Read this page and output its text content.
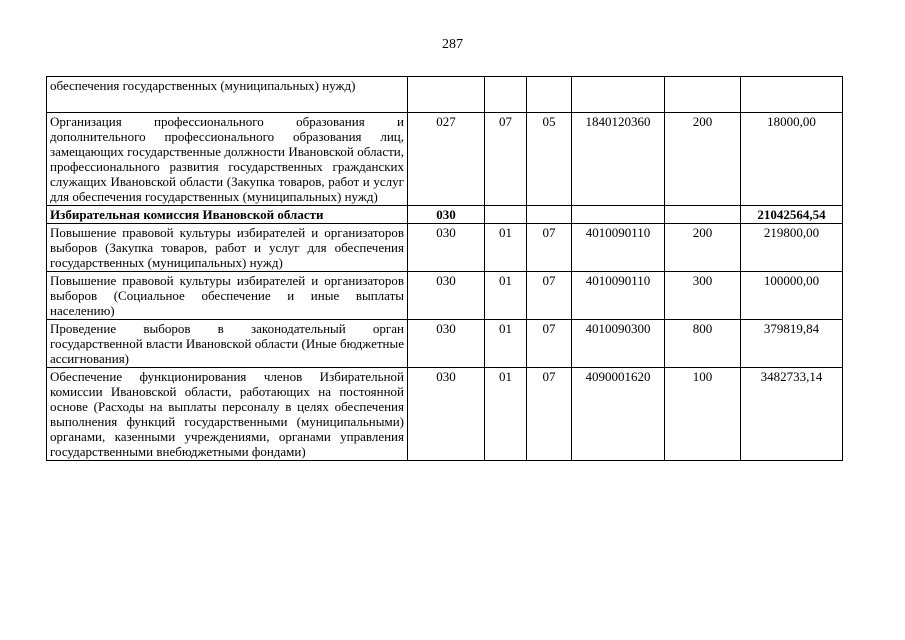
287
обеспечения государственных (муниципальных) нужд)						
Организация профессионального образования и дополнительного профессионального образования лиц, замещающих государственные должности Ивановской области, профессионального развития государственных гражданских служащих Ивановской области (Закупка товаров, работ и услуг для обеспечения государственных (муниципальных) нужд)	027	07	05	1840120360	200	18000,00
Избирательная комиссия Ивановской области	030					21042564,54
Повышение правовой культуры избирателей и организаторов выборов (Закупка товаров, работ и услуг для обеспечения государственных (муниципальных) нужд)	030	01	07	4010090110	200	219800,00
Повышение правовой культуры избирателей и организаторов выборов (Социальное обеспечение и иные выплаты населению)	030	01	07	4010090110	300	100000,00
Проведение выборов в законодательный орган государственной власти Ивановской области (Иные бюджетные ассигнования)	030	01	07	4010090300	800	379819,84
Обеспечение функционирования членов Избирательной комиссии Ивановской области, работающих на постоянной основе (Расходы на выплаты персоналу в целях обеспечения выполнения функций государственными (муниципальными) органами, казенными учреждениями, органами управления государственными внебюджетными фондами)	030	01	07	4090001620	100	3482733,14
